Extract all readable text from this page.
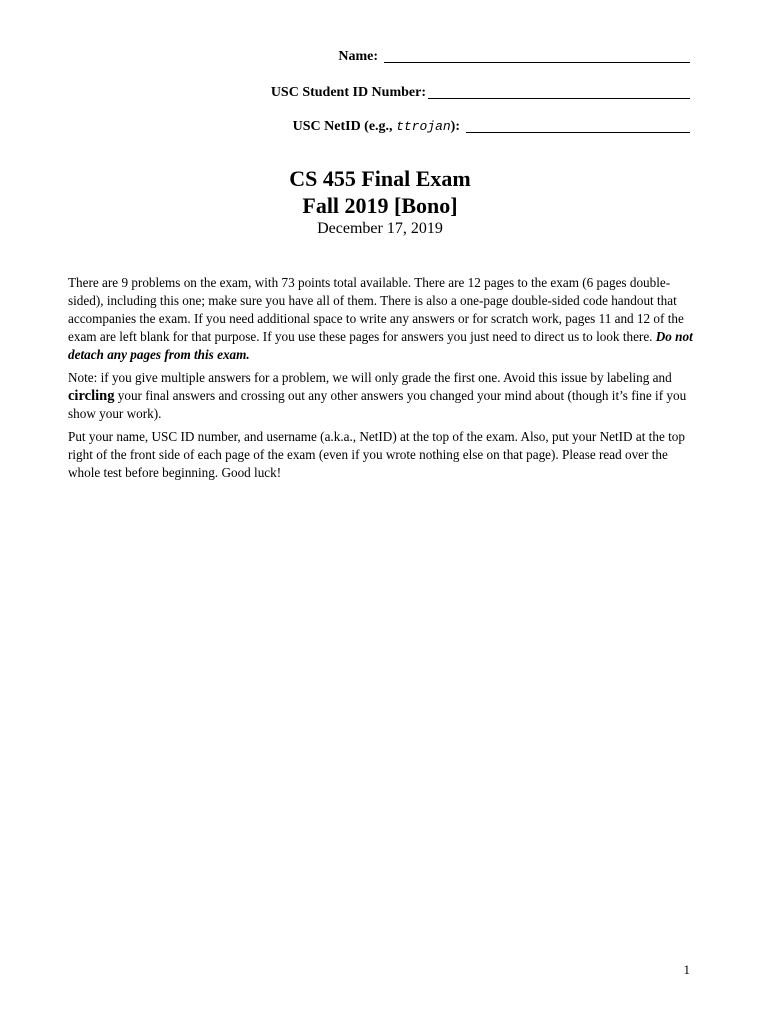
Name:
USC Student ID Number:
USC NetID (e.g., ttrojan):
CS 455 Final Exam
Fall 2019 [Bono]
December 17, 2019

There are 9 problems on the exam, with 73 points total available. There are 12 pages to the exam (6 pages double-sided), including this one; make sure you have all of them. There is also a one-page double-sided code handout that accompanies the exam. If you need additional space to write any answers or for scratch work, pages 11 and 12 of the exam are left blank for that purpose. If you use these pages for answers you just need to direct us to look there. Do not detach any pages from this exam.

Note: if you give multiple answers for a problem, we will only grade the first one. Avoid this issue by labeling and circling your final answers and crossing out any other answers you changed your mind about (though it’s fine if you show your work).

Put your name, USC ID number, and username (a.k.a., NetID) at the top of the exam. Also, put your NetID at the top right of the front side of each page of the exam (even if you wrote nothing else on that page). Please read over the whole test before beginning. Good luck!

1
